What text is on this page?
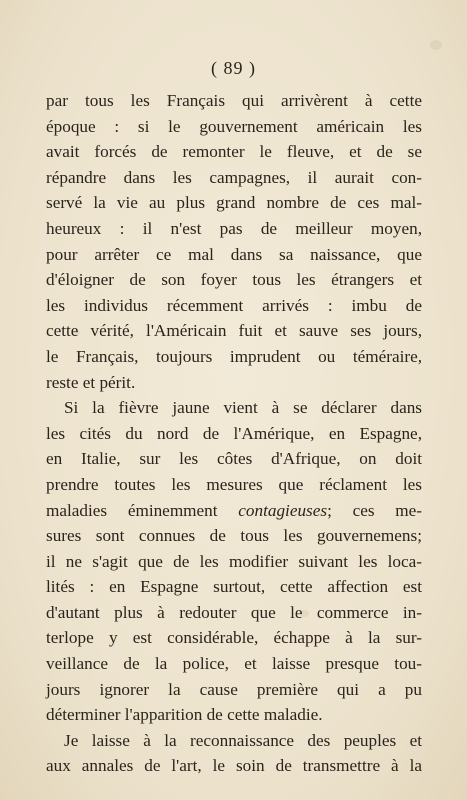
( 89 )
par tous les Français qui arrivèrent à cette
époque : si le gouvernement américain les
avait forcés de remonter le fleuve, et de se
répandre dans les campagnes, il aurait con-
servé la vie au plus grand nombre de ces mal-
heureux : il n'est pas de meilleur moyen,
pour arrêter ce mal dans sa naissance, que
d'éloigner de son foyer tous les étrangers et
les individus récemment arrivés : imbu de
cette vérité, l'Américain fuit et sauve ses jours,
le Français, toujours imprudent ou téméraire,
reste et périt.
Si la fièvre jaune vient à se déclarer dans
les cités du nord de l'Amérique, en Espagne,
en Italie, sur les côtes d'Afrique, on doit
prendre toutes les mesures que réclament les
maladies éminemment contagieuses; ces me-
sures sont connues de tous les gouvernemens;
il ne s'agit que de les modifier suivant les loca-
lités : en Espagne surtout, cette affection est
d'autant plus à redouter que le commerce in-
terlope y est considérable, échappe à la sur-
veillance de la police, et laisse presque tou-
jours ignorer la cause première qui a pu
déterminer l'apparition de cette maladie.
Je laisse à la reconnaissance des peuples et
aux annales de l'art, le soin de transmettre à la
